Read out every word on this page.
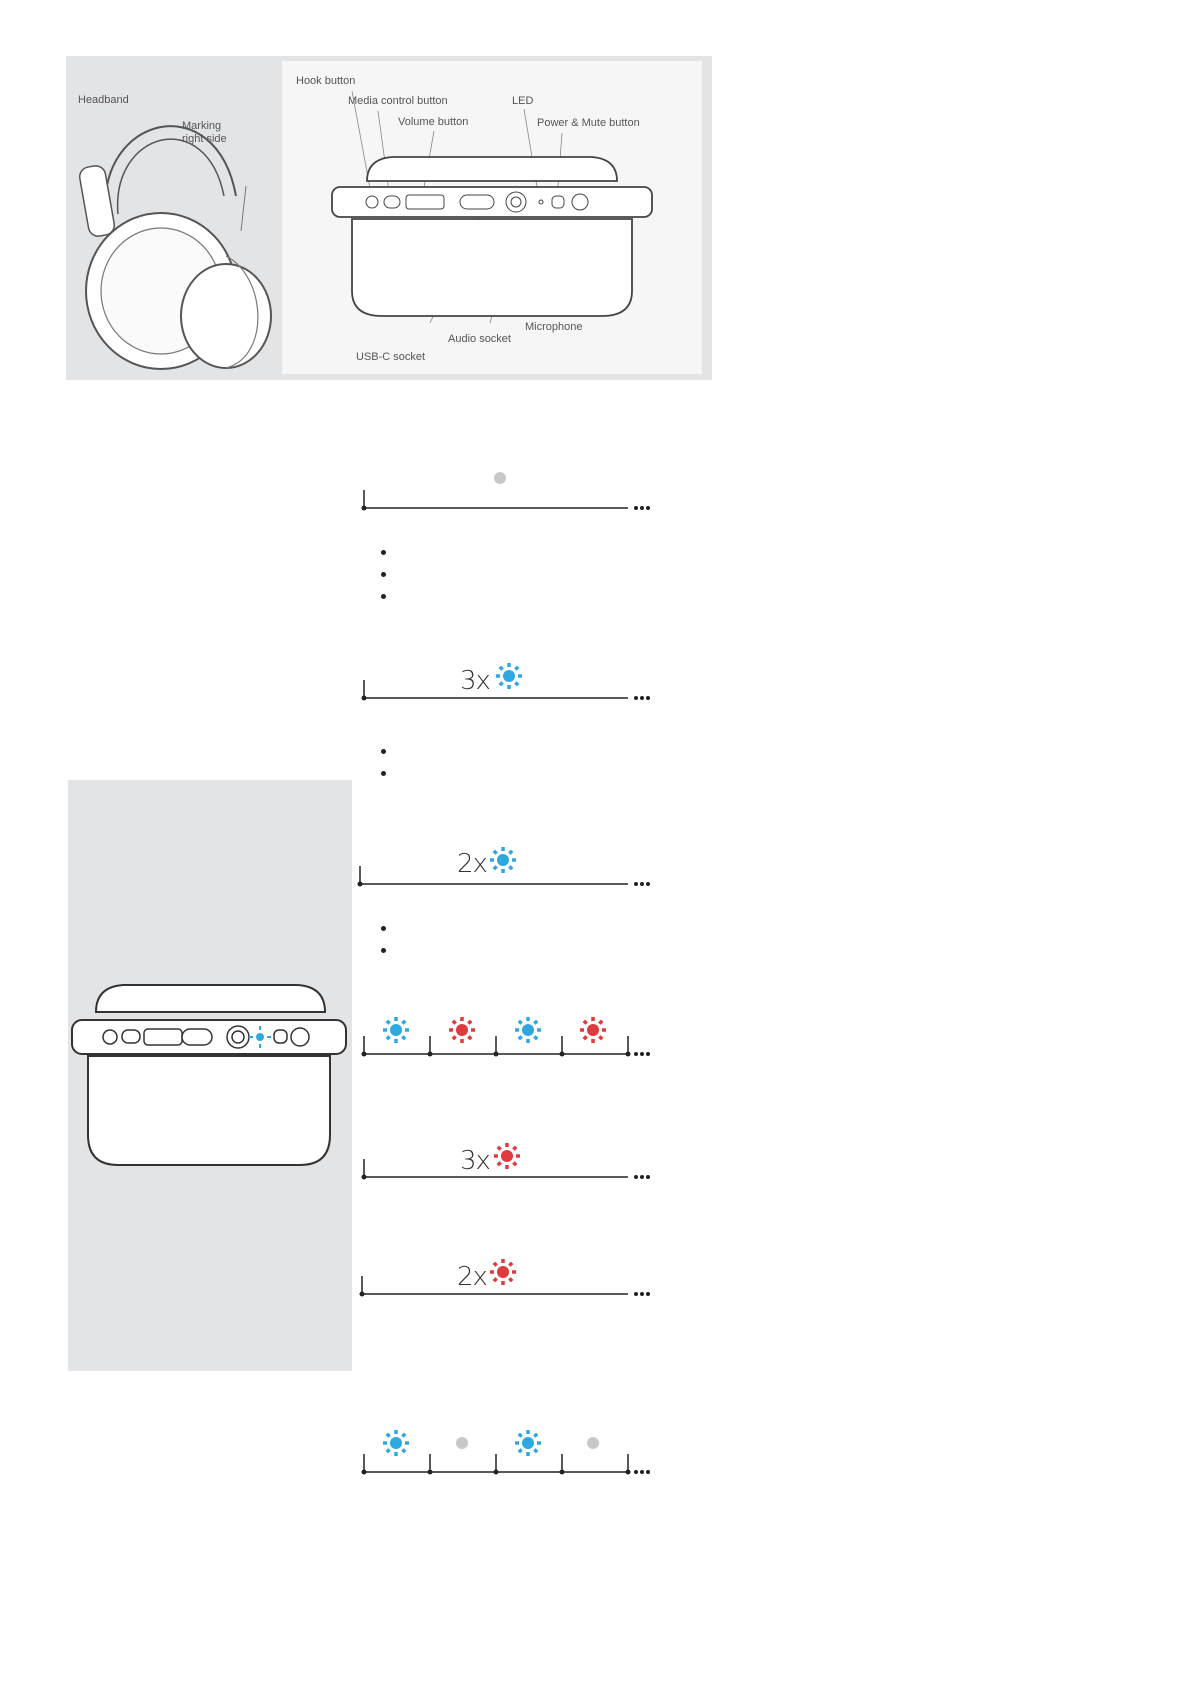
Headband
Marking right side
Hook button
Media control button
Volume button
LED
Power & Mute button
USB-C socket
Audio socket
Microphone
3x
2x
3x
2x
